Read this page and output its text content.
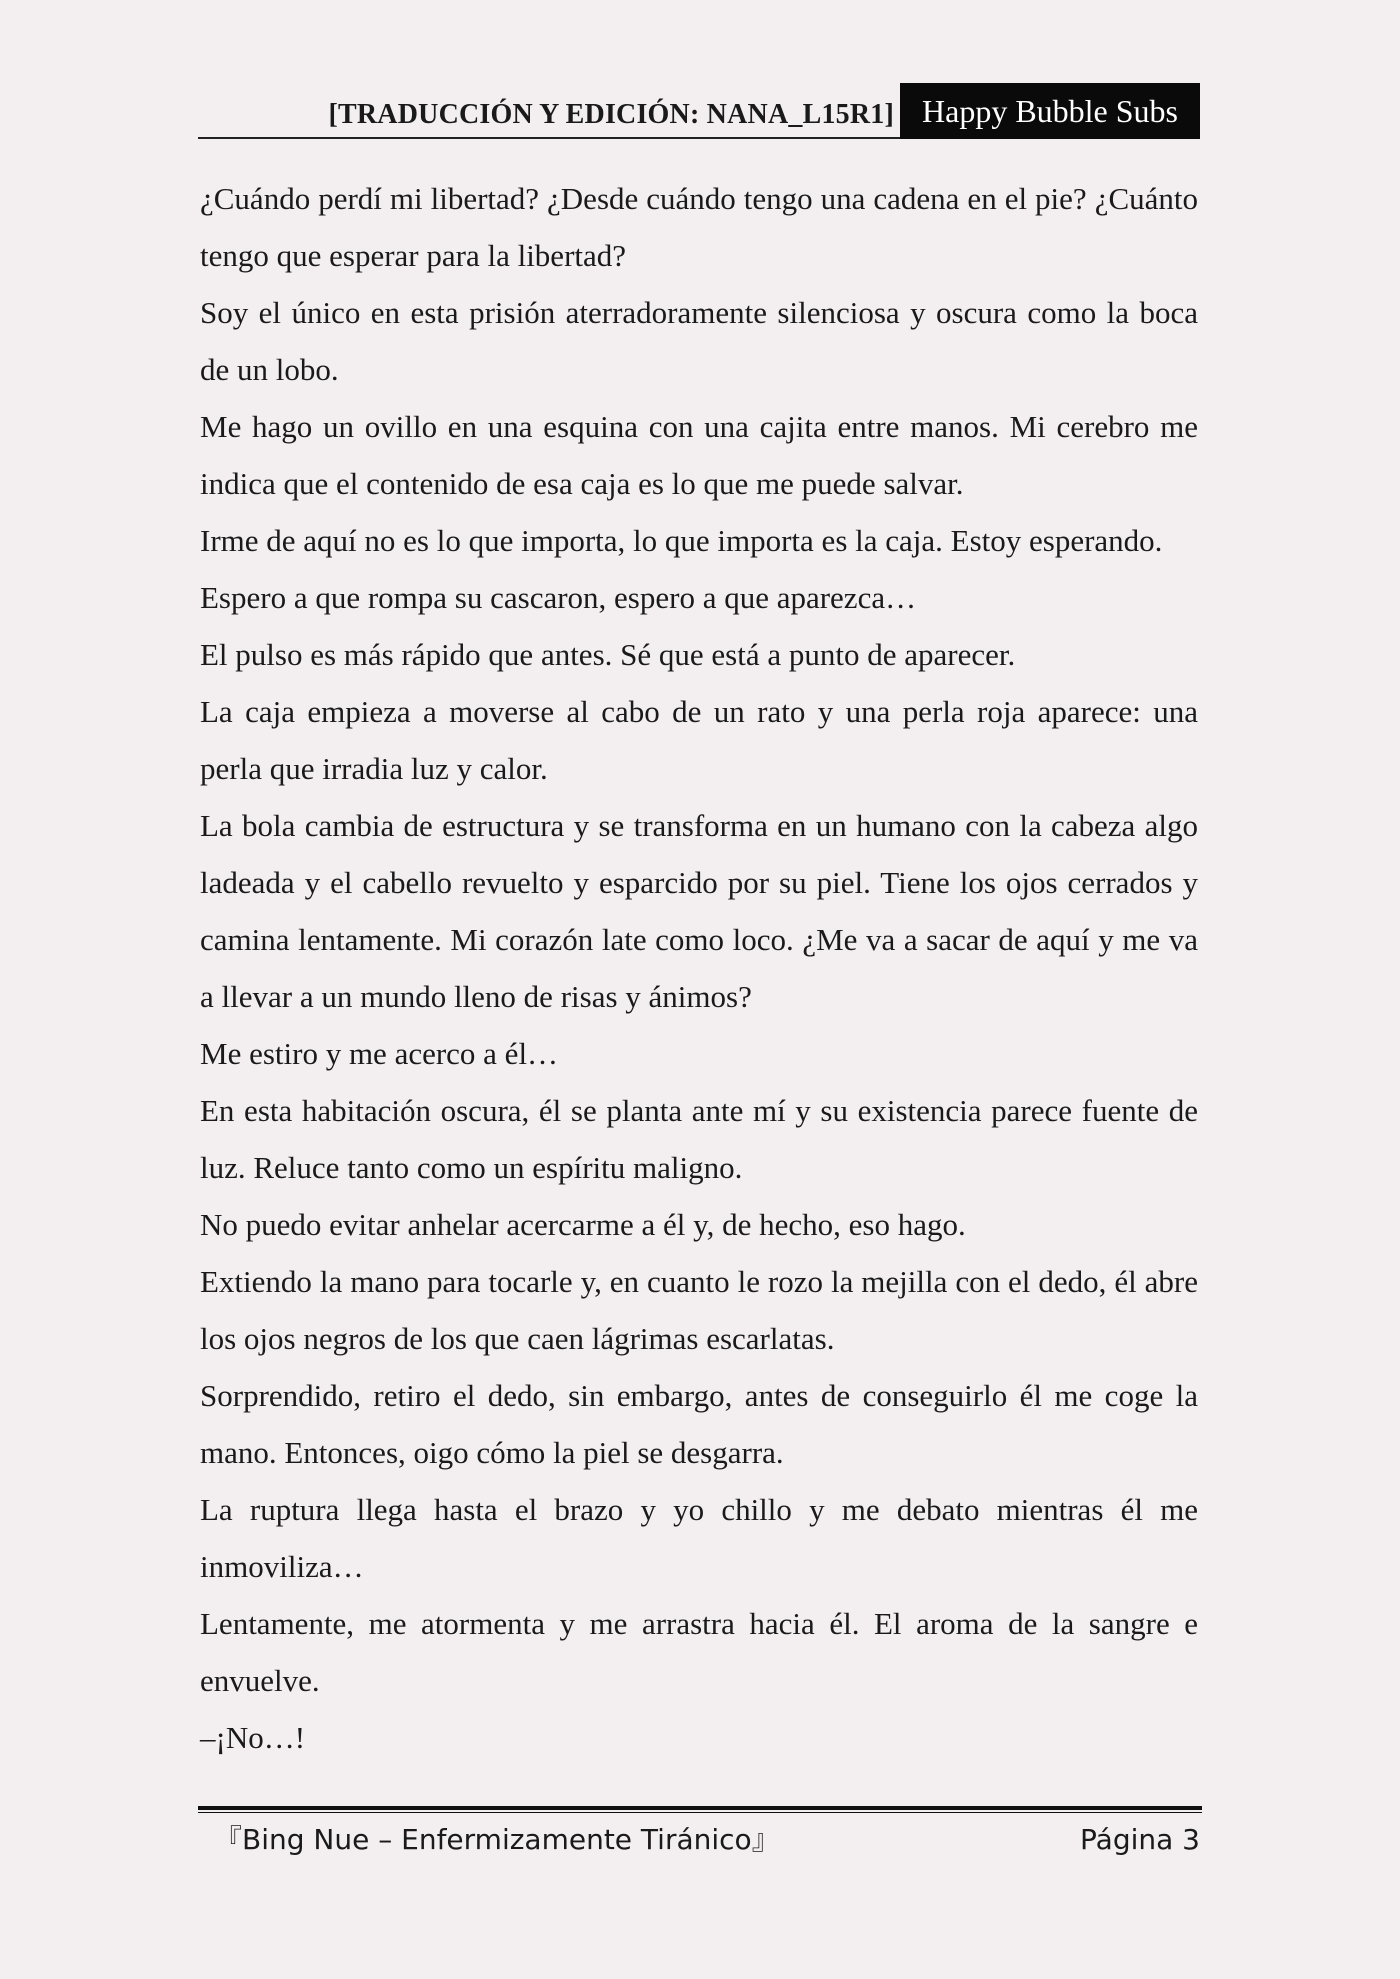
[TRADUCCIÓN Y EDICIÓN: NANA_L15R1] Happy Bubble Subs

¿Cuándo perdí mi libertad? ¿Desde cuándo tengo una cadena en el pie? ¿Cuánto tengo que esperar para la libertad?

Soy el único en esta prisión aterradoramente silenciosa y oscura como la boca de un lobo.

Me hago un ovillo en una esquina con una cajita entre manos. Mi cerebro me indica que el contenido de esa caja es lo que me puede salvar.

Irme de aquí no es lo que importa, lo que importa es la caja. Estoy esperando.

Espero a que rompa su cascaron, espero a que aparezca…

El pulso es más rápido que antes. Sé que está a punto de aparecer.

La caja empieza a moverse al cabo de un rato y una perla roja aparece: una perla que irradia luz y calor.

La bola cambia de estructura y se transforma en un humano con la cabeza algo ladeada y el cabello revuelto y esparcido por su piel. Tiene los ojos cerrados y camina lentamente. Mi corazón late como loco. ¿Me va a sacar de aquí y me va a llevar a un mundo lleno de risas y ánimos?

Me estiro y me acerco a él…

En esta habitación oscura, él se planta ante mí y su existencia parece fuente de luz. Reluce tanto como un espíritu maligno.

No puedo evitar anhelar acercarme a él y, de hecho, eso hago.

Extiendo la mano para tocarle y, en cuanto le rozo la mejilla con el dedo, él abre los ojos negros de los que caen lágrimas escarlatas.

Sorprendido, retiro el dedo, sin embargo, antes de conseguirlo él me coge la mano. Entonces, oigo cómo la piel se desgarra.

La ruptura llega hasta el brazo y yo chillo y me debato mientras él me inmoviliza…

Lentamente, me atormenta y me arrastra hacia él. El aroma de la sangre e envuelve.

–¡No…!

『Bing Nue – Enfermizamente Tiránico』	Página 3
